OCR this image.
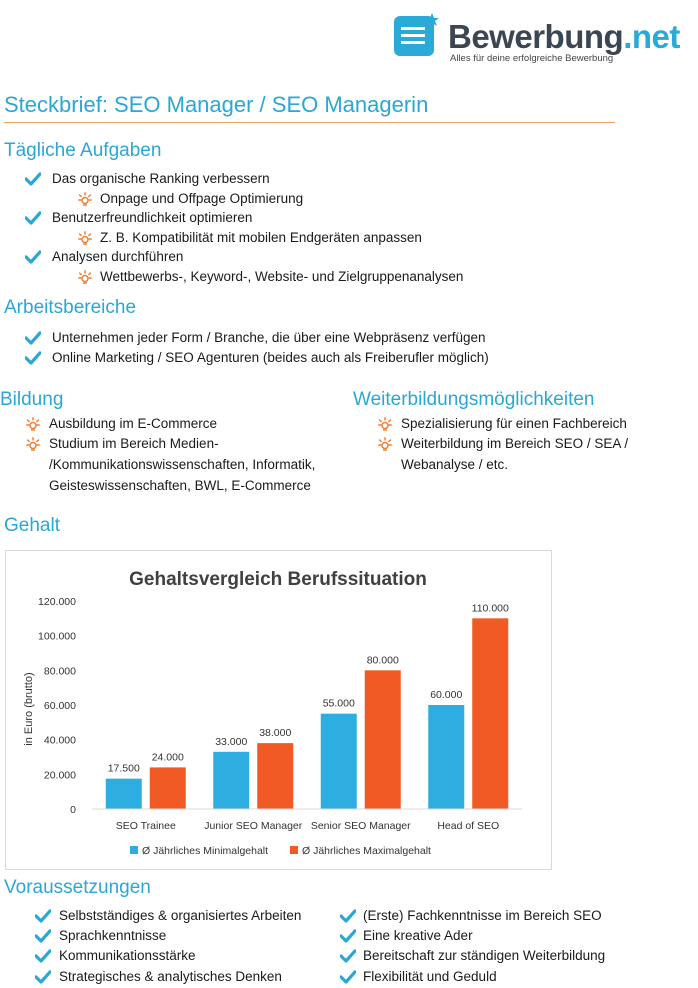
Bewerbung.net
Alles für deine erfolgreiche Bewerbung
Steckbrief: SEO Manager / SEO Managerin
Tägliche Aufgaben
Das organische Ranking verbessern
Onpage und Offpage Optimierung
Benutzerfreundlichkeit optimieren
Z. B. Kompatibilität mit mobilen Endgeräten anpassen
Analysen durchführen
Wettbewerbs-, Keyword-, Website- und Zielgruppenanalysen
Arbeitsbereiche
Unternehmen jeder Form / Branche, die über eine Webpräsenz verfügen
Online Marketing / SEO Agenturen (beides auch als Freiberufler möglich)
Bildung
Ausbildung im E-Commerce
Studium im Bereich Medien-
/Kommunikationswissenschaften, Informatik,
Geisteswissenschaften, BWL, E-Commerce
Weiterbildungsmöglichkeiten
Spezialisierung für einen Fachbereich
Weiterbildung im Bereich SEO / SEA /
Webanalyse / etc.
Gehalt
Gehaltsvergleich Berufssituation
in Euro (brutto)
0
20.000
40.000
60.000
80.000
100.000
120.000
17.500
24.000
33.000
38.000
55.000
80.000
60.000
110.000
SEO Trainee	Junior SEO Manager Senior SEO Manager	Head of SEO
Ø Jährliches Minimalgehalt	Ø Jährliches Maximalgehalt
Voraussetzungen
Selbstständiges & organisiertes Arbeiten
Sprachkenntnisse
Kommunikationsstärke
Strategisches & analytisches Denken
(Erste) Fachkenntnisse im Bereich SEO
Eine kreative Ader
Bereitschaft zur ständigen Weiterbildung
Flexibilität und Geduld
